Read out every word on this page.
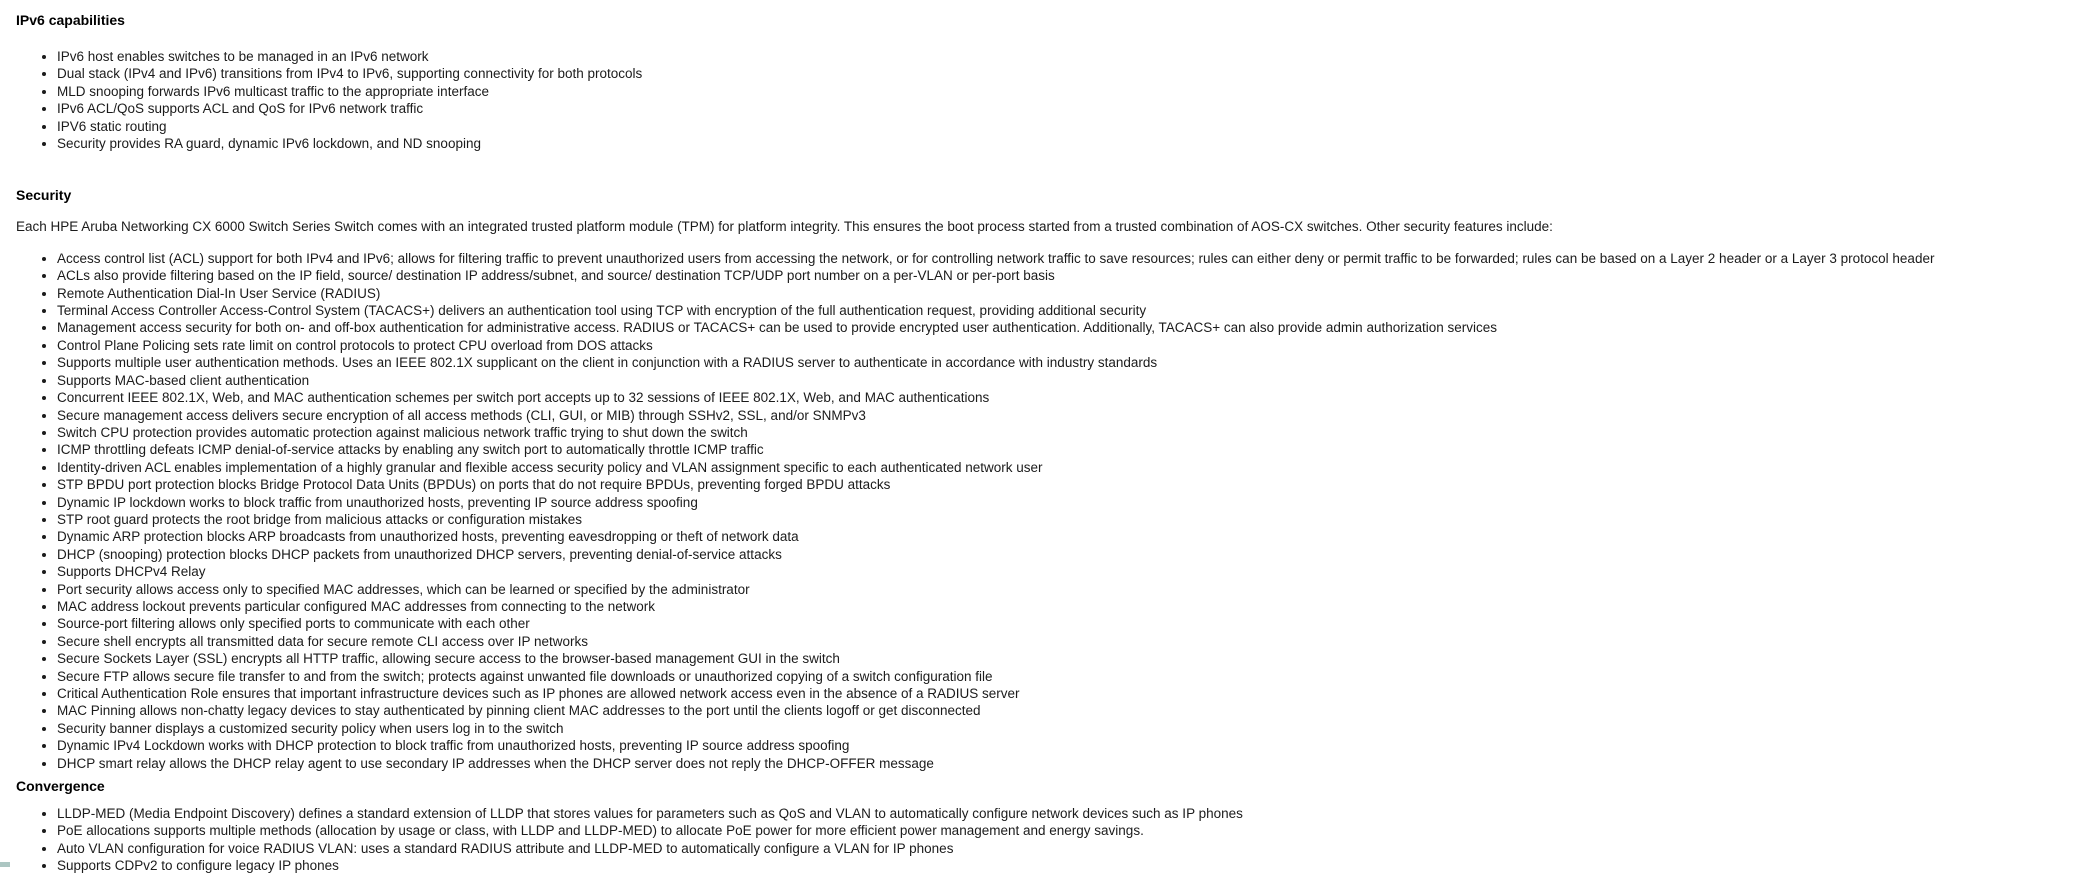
IPv6 capabilities
• IPv6 host enables switches to be managed in an IPv6 network
• Dual stack (IPv4 and IPv6) transitions from IPv4 to IPv6, supporting connectivity for both protocols
• MLD snooping forwards IPv6 multicast traffic to the appropriate interface
• IPv6 ACL/QoS supports ACL and QoS for IPv6 network traffic
• IPV6 static routing
• Security provides RA guard, dynamic IPv6 lockdown, and ND snooping
Security

Each HPE Aruba Networking CX 6000 Switch Series Switch comes with an integrated trusted platform module (TPM) for platform integrity. This ensures the boot process started from a trusted combination of AOS-CX switches. Other security features include:

• Access control list (ACL) support for both IPv4 and IPv6; allows for filtering traffic to prevent unauthorized users from accessing the network, or for controlling network traffic to save resources; rules can either deny or permit traffic to be forwarded; rules can be based on a Layer 2 header or a Layer 3 protocol header
• ACLs also provide filtering based on the IP field, source/ destination IP address/subnet, and source/ destination TCP/UDP port number on a per-VLAN or per-port basis
• Remote Authentication Dial-In User Service (RADIUS)
• Terminal Access Controller Access-Control System (TACACS+) delivers an authentication tool using TCP with encryption of the full authentication request, providing additional security
• Management access security for both on- and off-box authentication for administrative access. RADIUS or TACACS+ can be used to provide encrypted user authentication. Additionally, TACACS+ can also provide admin authorization services
• Control Plane Policing sets rate limit on control protocols to protect CPU overload from DOS attacks
• Supports multiple user authentication methods. Uses an IEEE 802.1X supplicant on the client in conjunction with a RADIUS server to authenticate in accordance with industry standards
• Supports MAC-based client authentication
• Concurrent IEEE 802.1X, Web, and MAC authentication schemes per switch port accepts up to 32 sessions of IEEE 802.1X, Web, and MAC authentications
• Secure management access delivers secure encryption of all access methods (CLI, GUI, or MIB) through SSHv2, SSL, and/or SNMPv3
• Switch CPU protection provides automatic protection against malicious network traffic trying to shut down the switch
• ICMP throttling defeats ICMP denial-of-service attacks by enabling any switch port to automatically throttle ICMP traffic
• Identity-driven ACL enables implementation of a highly granular and flexible access security policy and VLAN assignment specific to each authenticated network user
• STP BPDU port protection blocks Bridge Protocol Data Units (BPDUs) on ports that do not require BPDUs, preventing forged BPDU attacks
• Dynamic IP lockdown works to block traffic from unauthorized hosts, preventing IP source address spoofing
• STP root guard protects the root bridge from malicious attacks or configuration mistakes
• Dynamic ARP protection blocks ARP broadcasts from unauthorized hosts, preventing eavesdropping or theft of network data
• DHCP (snooping) protection blocks DHCP packets from unauthorized DHCP servers, preventing denial-of-service attacks
• Supports DHCPv4 Relay
• Port security allows access only to specified MAC addresses, which can be learned or specified by the administrator
• MAC address lockout prevents particular configured MAC addresses from connecting to the network
• Source-port filtering allows only specified ports to communicate with each other
• Secure shell encrypts all transmitted data for secure remote CLI access over IP networks
• Secure Sockets Layer (SSL) encrypts all HTTP traffic, allowing secure access to the browser-based management GUI in the switch
• Secure FTP allows secure file transfer to and from the switch; protects against unwanted file downloads or unauthorized copying of a switch configuration file
• Critical Authentication Role ensures that important infrastructure devices such as IP phones are allowed network access even in the absence of a RADIUS server
• MAC Pinning allows non-chatty legacy devices to stay authenticated by pinning client MAC addresses to the port until the clients logoff or get disconnected
• Security banner displays a customized security policy when users log in to the switch
• Dynamic IPv4 Lockdown works with DHCP protection to block traffic from unauthorized hosts, preventing IP source address spoofing
• DHCP smart relay allows the DHCP relay agent to use secondary IP addresses when the DHCP server does not reply the DHCP-OFFER message
Convergence
• LLDP-MED (Media Endpoint Discovery) defines a standard extension of LLDP that stores values for parameters such as QoS and VLAN to automatically configure network devices such as IP phones
• PoE allocations supports multiple methods (allocation by usage or class, with LLDP and LLDP-MED) to allocate PoE power for more efficient power management and energy savings.
• Auto VLAN configuration for voice RADIUS VLAN: uses a standard RADIUS attribute and LLDP-MED to automatically configure a VLAN for IP phones
• Supports CDPv2 to configure legacy IP phones
